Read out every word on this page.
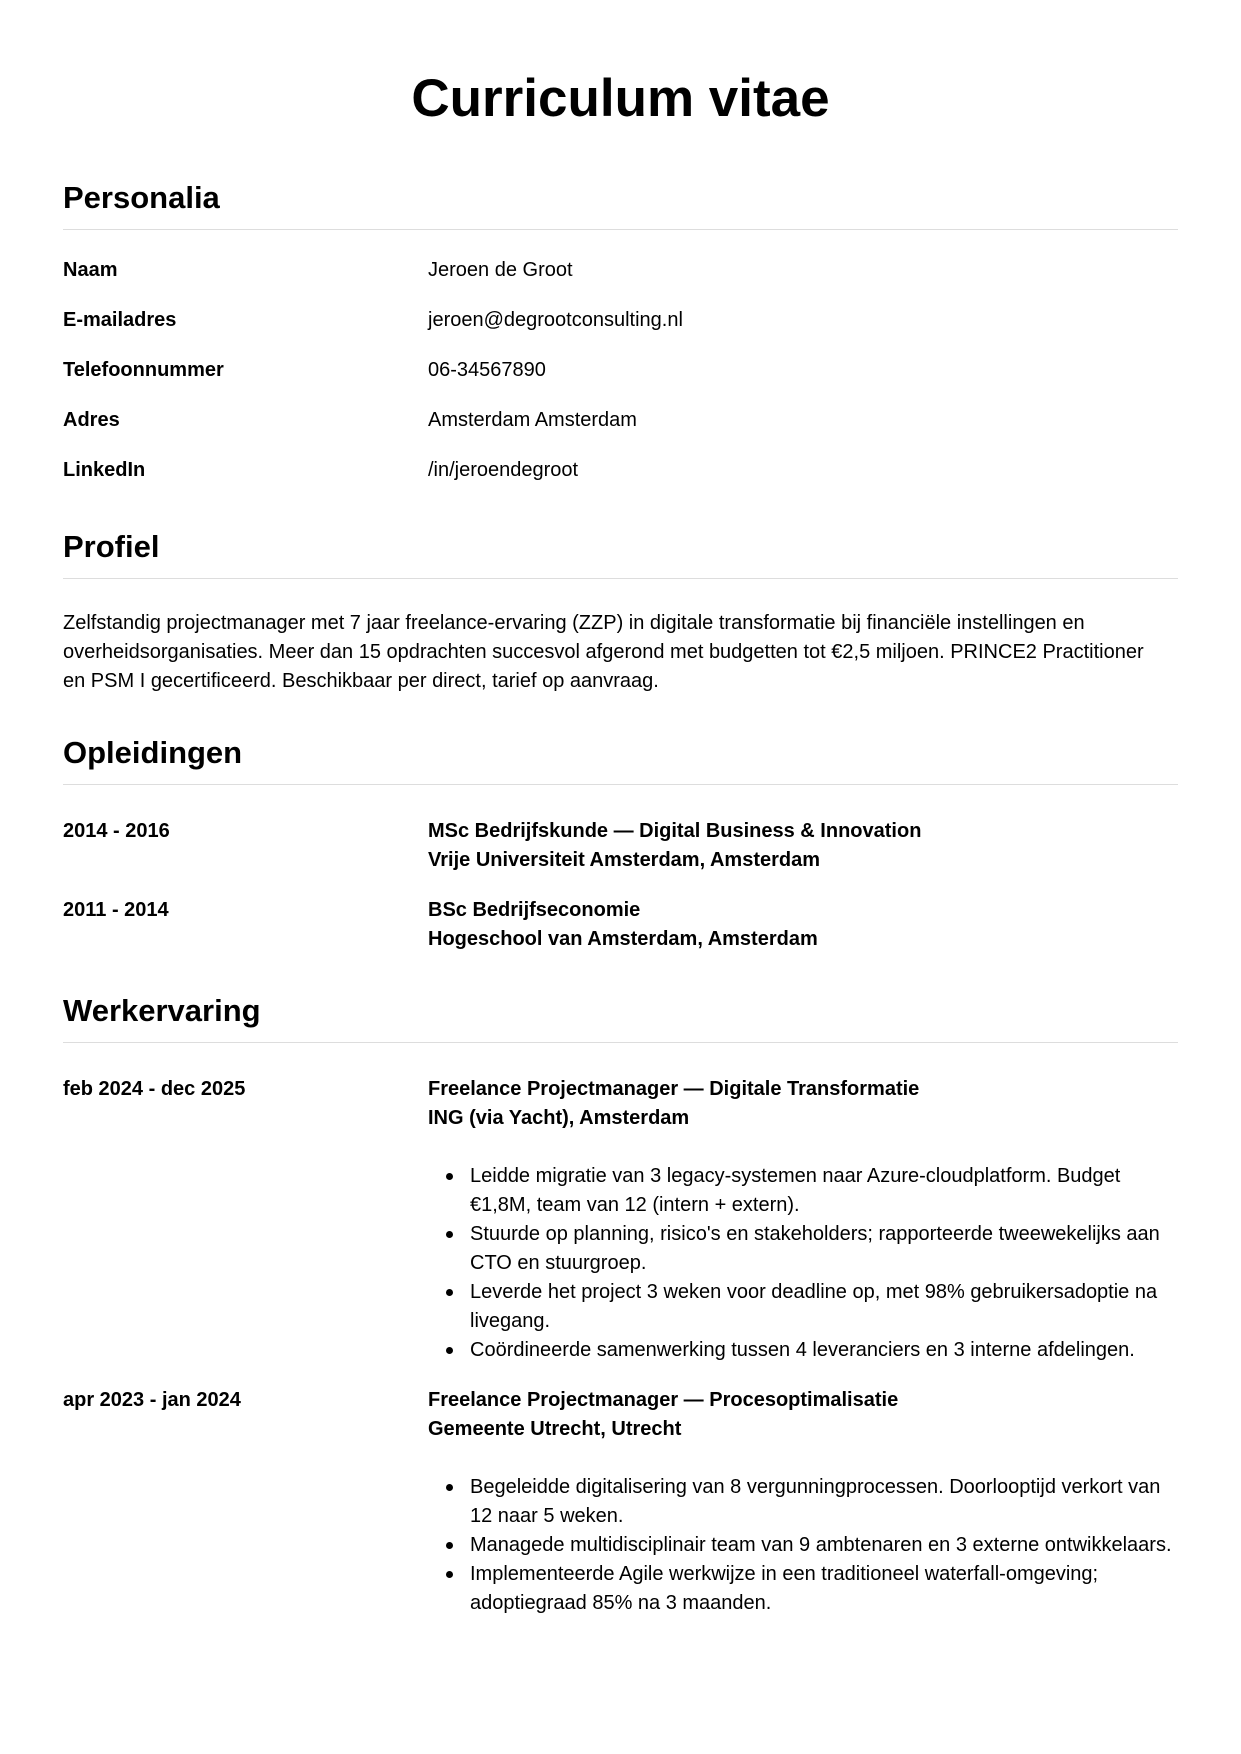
Curriculum vitae
Personalia
Naam	Jeroen de Groot
E-mailadres	jeroen@degrootconsulting.nl
Telefoonnummer	06-34567890
Adres	Amsterdam Amsterdam
LinkedIn	/in/jeroendegroot
Profiel

Zelfstandig projectmanager met 7 jaar freelance-ervaring (ZZP) in digitale transformatie bij financiële instellingen en overheidsorganisaties. Meer dan 15 opdrachten succesvol afgerond met budgetten tot €2,5 miljoen. PRINCE2 Practitioner en PSM I gecertificeerd. Beschikbaar per direct, tarief op aanvraag.

Opleidingen
2014 - 2016	MSc Bedrijfskunde — Digital Business & Innovation
Vrije Universiteit Amsterdam, Amsterdam
2011 - 2014	BSc Bedrijfseconomie
Hogeschool van Amsterdam, Amsterdam
Werkervaring
feb 2024 - dec 2025	Freelance Projectmanager — Digitale Transformatie
ING (via Yacht), Amsterdam
Leidde migratie van 3 legacy-systemen naar Azure-cloudplatform. Budget €1,8M, team van 12 (intern + extern).
Stuurde op planning, risico's en stakeholders; rapporteerde tweewekelijks aan CTO en stuurgroep.
Leverde het project 3 weken voor deadline op, met 98% gebruikersadoptie na livegang.
Coördineerde samenwerking tussen 4 leveranciers en 3 interne afdelingen.
apr 2023 - jan 2024	Freelance Projectmanager — Procesoptimalisatie
Gemeente Utrecht, Utrecht
Begeleidde digitalisering van 8 vergunningprocessen. Doorlooptijd verkort van 12 naar 5 weken.
Managede multidisciplinair team van 9 ambtenaren en 3 externe ontwikkelaars.
Implementeerde Agile werkwijze in een traditioneel waterfall-omgeving; adoptiegraad 85% na 3 maanden.
